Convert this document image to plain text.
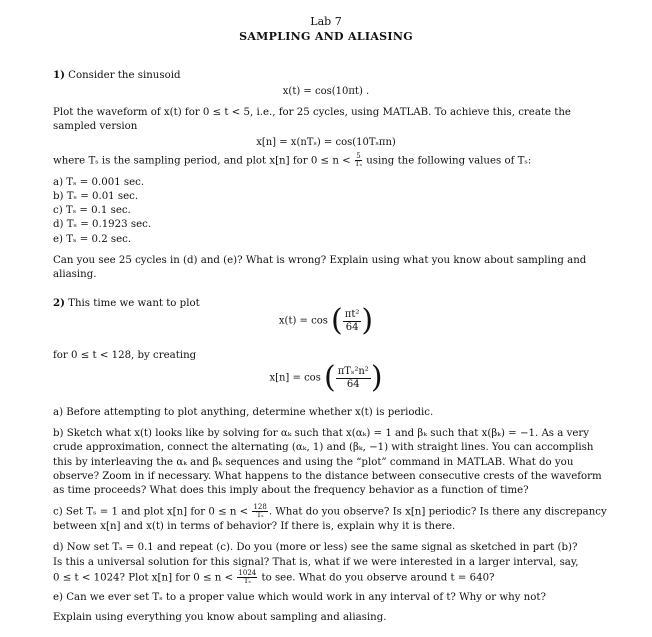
Lab 7
SAMPLING AND ALIASING
1) Consider the sinusoid
x(t) = cos(10πt) .
Plot the waveform of x(t) for 0 ≤ t < 5, i.e., for 25 cycles, using MATLAB. To achieve this, create the
sampled version
x[n] = x(nTₛ) = cos(10Tₛπn)
where Tₛ is the sampling period, and plot x[n] for $0 \le n < \frac{5}{\text{Tₛ}}$ using the following values of Tₛ:
a) Tₛ = 0.001 sec.
b) Tₛ = 0.01 sec.
c) Tₛ = 0.1 sec.
d) Tₛ = 0.1923 sec.
e) Tₛ = 0.2 sec.
Can you see 25 cycles in (d) and (e)? What is wrong? Explain using what you know about sampling and
aliasing.
2) This time we want to plot
x(t) = cos ( $\frac{\text{πt²}}{64}$ )
for 0 ≤ t < 128, by creating
x[n] = cos ( πTₛ²n²
64 )
a) Before attempting to plot anything, determine whether x(t) is periodic.
b) Sketch what x(t) looks like by solving for αₖ such that x(αₖ) = 1 and βₖ such that x(βₖ) = −1. As a very
crude approximation, connect the alternating (αₖ, 1) and (βₖ, −1) with straight lines. You can accomplish
this by interleaving the αₖ and βₖ sequences and using the “plot” command in MATLAB. What do you
observe? Zoom in if necessary. What happens to the distance between consecutive crests of the waveform
as time proceeds? What does this imply about the frequency behavior as a function of time?
c) Set Tₛ = 1 and plot x[n] for $0 \le n < \frac{128}{\text{Tₛ}}$ . What do you observe? Is x[n] periodic? Is there any discrepancy
between x[n] and x(t) in terms of behavior? If there is, explain why it is there.
d) Now set Tₛ = 0.1 and repeat (c). Do you (more or less) see the same signal as sketched in part (b)?
Is this a universal solution for this signal? That is, what if we were interested in a larger interval, say,
0 ≤ t < 1024? Plot x[n] for $0 \le n < \frac{1024}{\text{Tₛ}}$ to see. What do you observe around t = 640?
e) Can we ever set Tₛ to a proper value which would work in any interval of t? Why or why not?
Explain using everything you know about sampling and aliasing.
